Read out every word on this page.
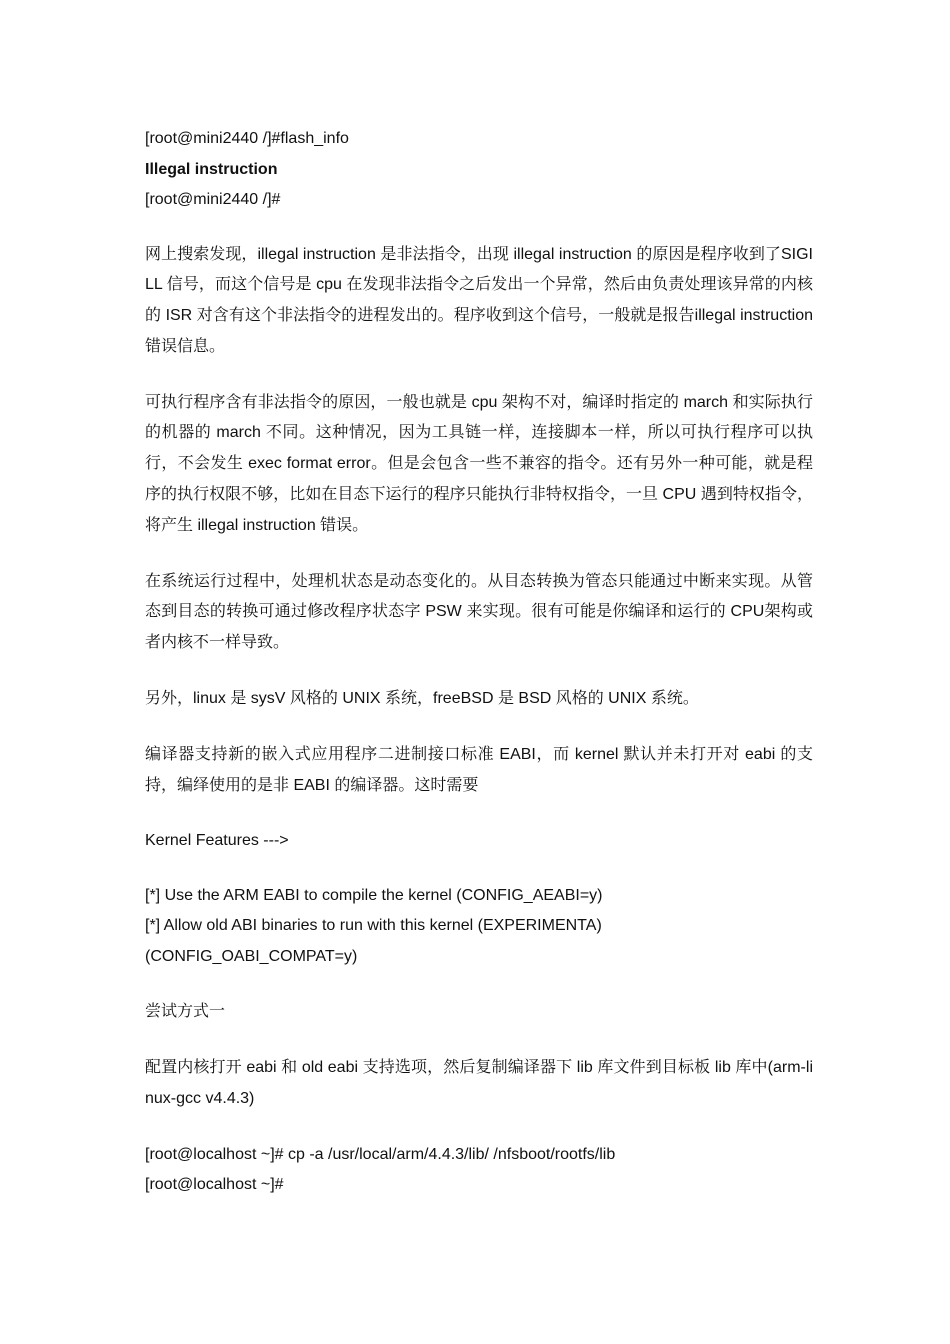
[root@mini2440 /]#flash_info
Illegal instruction
[root@mini2440 /]#
网上搜索发现，illegal instruction 是非法指令，出现 illegal instruction 的原因是程序收到了SIGILL 信号，而这个信号是 cpu 在发现非法指令之后发出一个异常，然后由负责处理该异常的内核的 ISR 对含有这个非法指令的进程发出的。程序收到这个信号，一般就是报告illegal instruction 错误信息。
可执行程序含有非法指令的原因，一般也就是 cpu 架构不对，编译时指定的 march 和实际执行的机器的 march 不同。这种情况，因为工具链一样，连接脚本一样，所以可执行程序可以执行，不会发生 exec format error。但是会包含一些不兼容的指令。还有另外一种可能，就是程序的执行权限不够，比如在目态下运行的程序只能执行非特权指令，一旦 CPU 遇到特权指令，将产生 illegal instruction 错误。
在系统运行过程中，处理机状态是动态变化的。从目态转换为管态只能通过中断来实现。从管态到目态的转换可通过修改程序状态字 PSW 来实现。很有可能是你编译和运行的 CPU架构或者内核不一样导致。
另外，linux 是 sysV 风格的 UNIX 系统，freeBSD 是 BSD 风格的 UNIX 系统。
编译器支持新的嵌入式应用程序二进制接口标准 EABI，而 kernel 默认并未打开对 eabi 的支持，编绎使用的是非 EABI 的编译器。这时需要
Kernel Features --->
[*] Use the ARM EABI to compile the kernel (CONFIG_AEABI=y)
[*] Allow old ABI binaries to run with this kernel (EXPERIMENTA)
(CONFIG_OABI_COMPAT=y)
尝试方式一
配置内核打开 eabi 和 old eabi 支持选项，然后复制编译器下 lib 库文件到目标板 lib 库中(arm-linux-gcc v4.4.3)
[root@localhost ~]# cp -a /usr/local/arm/4.4.3/lib/ /nfsboot/rootfs/lib
[root@localhost ~]#
